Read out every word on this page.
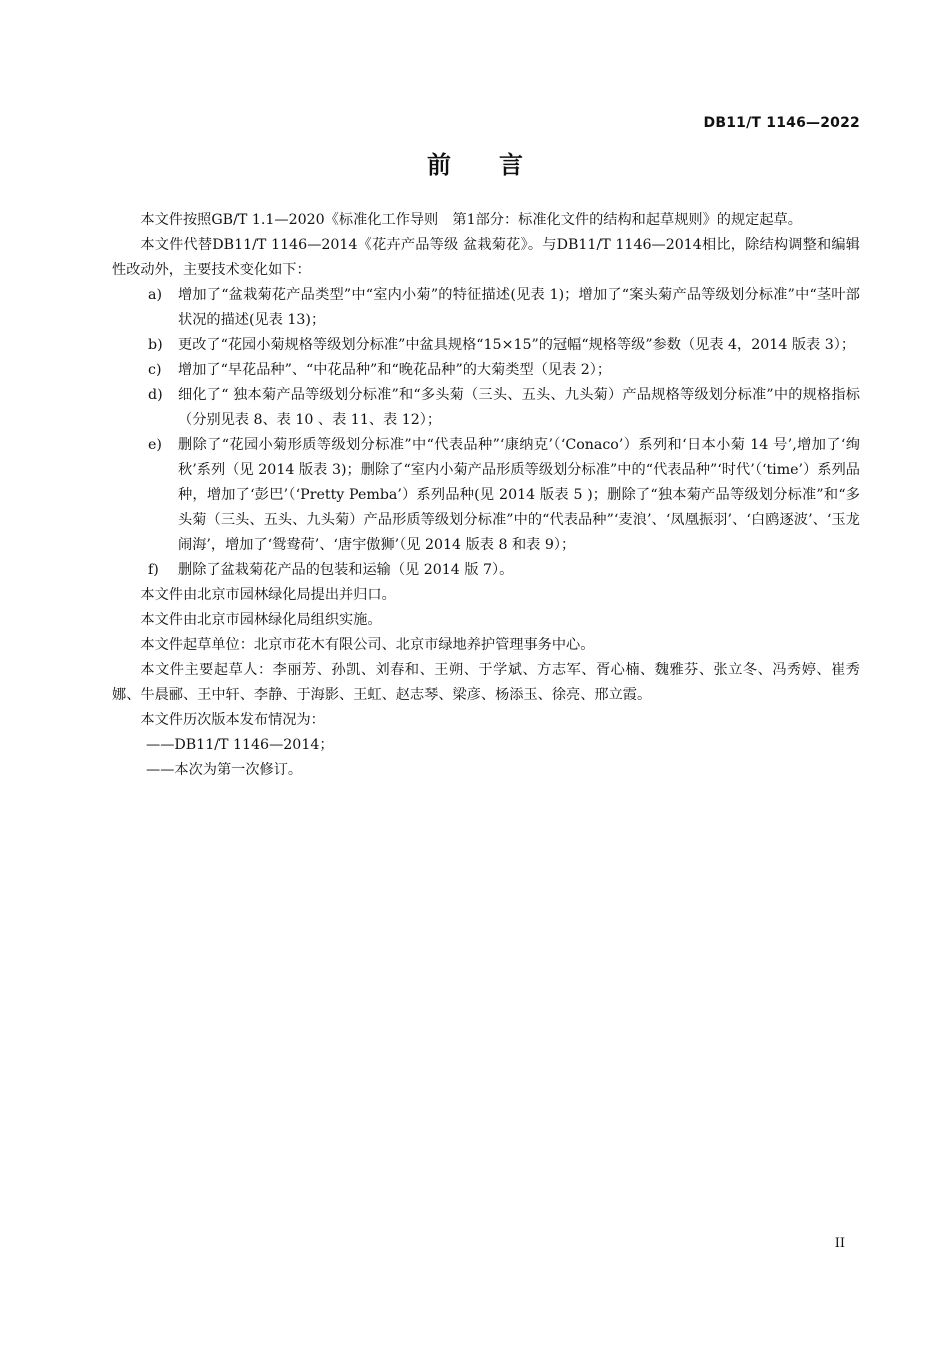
DB11/T 1146—2022
前言
本文件按照GB/T 1.1—2020《标准化工作导则　第1部分：标准化文件的结构和起草规则》的规定起草。
本文件代替DB11/T 1146—2014《花卉产品等级 盆栽菊花》。与DB11/T 1146—2014相比，除结构调整和编辑性改动外，主要技术变化如下：
a) 增加了“盆栽菊花产品类型”中“室内小菊”的特征描述(见表 1)；增加了“案头菊产品等级划分标准”中“茎叶部状况的描述(见表 13)；
b) 更改了“花园小菊规格等级划分标准”中盆具规格“15×15”的冠幅“规格等级”参数（见表 4，2014 版表 3）；
c) 增加了“早花品种”、“中花品种”和“晚花品种”的大菊类型（见表 2）；
d) 细化了“ 独本菊产品等级划分标准”和“多头菊（三头、五头、九头菊）产品规格等级划分标准”中的规格指标（分别见表 8、表 10 、表 11、表 12）；
e) 删除了“花园小菊形质等级划分标准”中“代表品种”‘康纳克’（‘Conaco’）系列和‘日本小菊 14 号’,增加了‘绚秋’系列（见 2014 版表 3)；删除了“室内小菊产品形质等级划分标准”中的“代表品种”‘时代’（‘time’）系列品种，增加了‘彭巴’（‘Pretty Pemba’）系列品种(见 2014 版表 5 )；删除了“独本菊产品等级划分标准”和“多头菊（三头、五头、九头菊）产品形质等级划分标准”中的“代表品种”‘麦浪’、‘凤凰振羽’、‘白鸥逐波’、‘玉龙闹海’，增加了‘鸳鸯荷’、‘唐宇傲狮’（见 2014 版表 8 和表 9）；
f) 删除了盆栽菊花产品的包装和运输（见 2014 版 7）。
本文件由北京市园林绿化局提出并归口。
本文件由北京市园林绿化局组织实施。
本文件起草单位：北京市花木有限公司、北京市绿地养护管理事务中心。
本文件主要起草人：李丽芳、孙凯、刘春和、王朔、于学斌、方志军、胥心楠、魏雅芬、张立冬、冯秀婷、崔秀娜、牛晨郦、王中轩、李静、于海影、王虹、赵志琴、梁彦、杨添玉、徐亮、邢立霞。
本文件历次版本发布情况为：
——DB11/T 1146—2014；
——本次为第一次修订。
II
